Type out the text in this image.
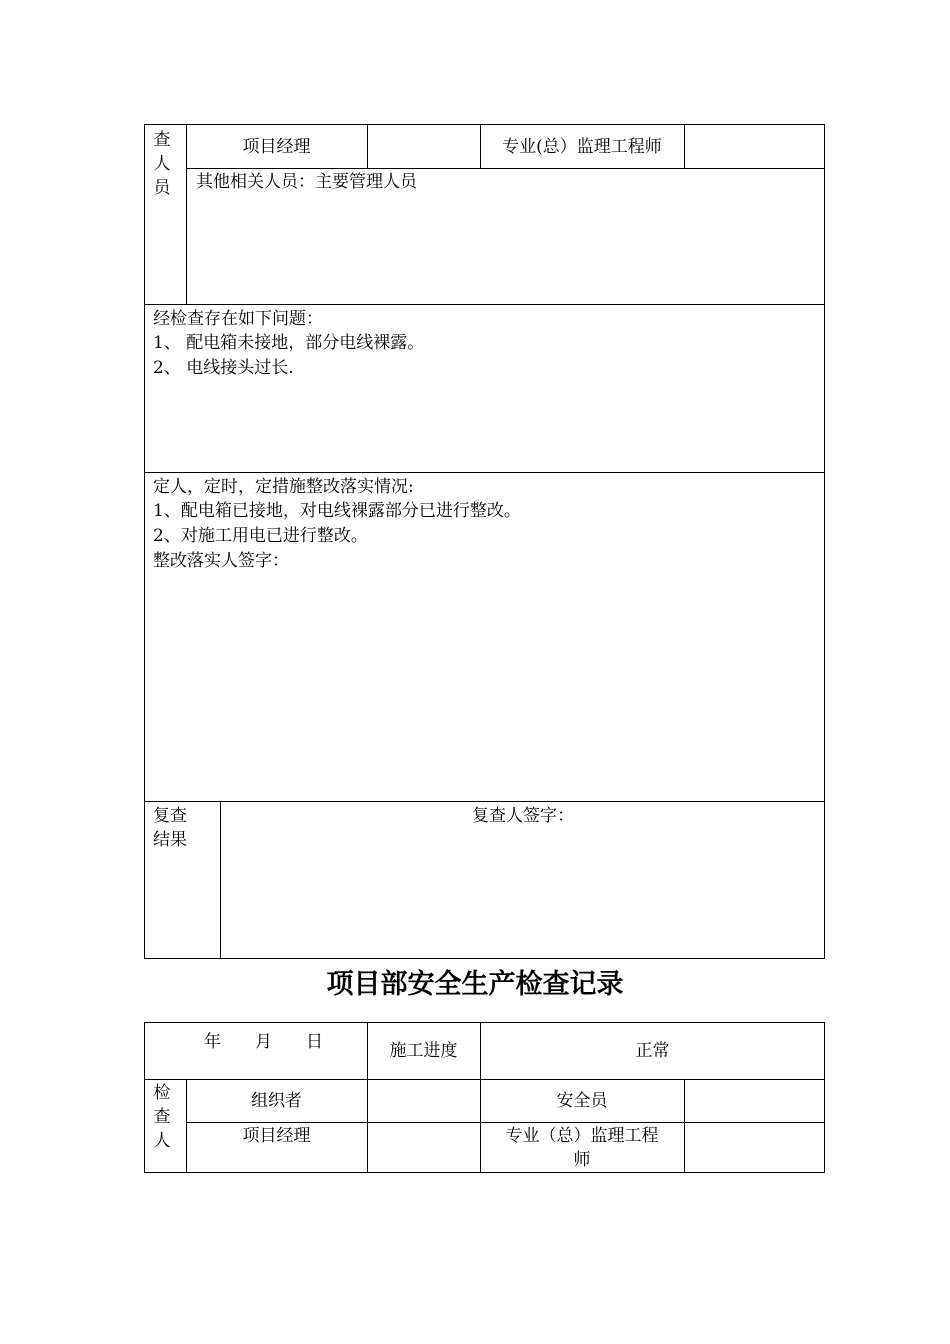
查人员
项目经理	专业(总）监理工程师
其他相关人员：主要管理人员
经检查存在如下问题：
1、 配电箱未接地，部分电线裸露。
2、 电线接头过长.
定人，定时，定措施整改落实情况:
1、配电箱已接地，对电线裸露部分已进行整改。
2、对施工用电已进行整改。
整改落实人签字：
复查
结果
复查人签字：
项目部安全生产检查记录
年　　月　　日	施工进度	正常
检查人
组织者	安全员
项目经理	专业（总）监理工程
师
